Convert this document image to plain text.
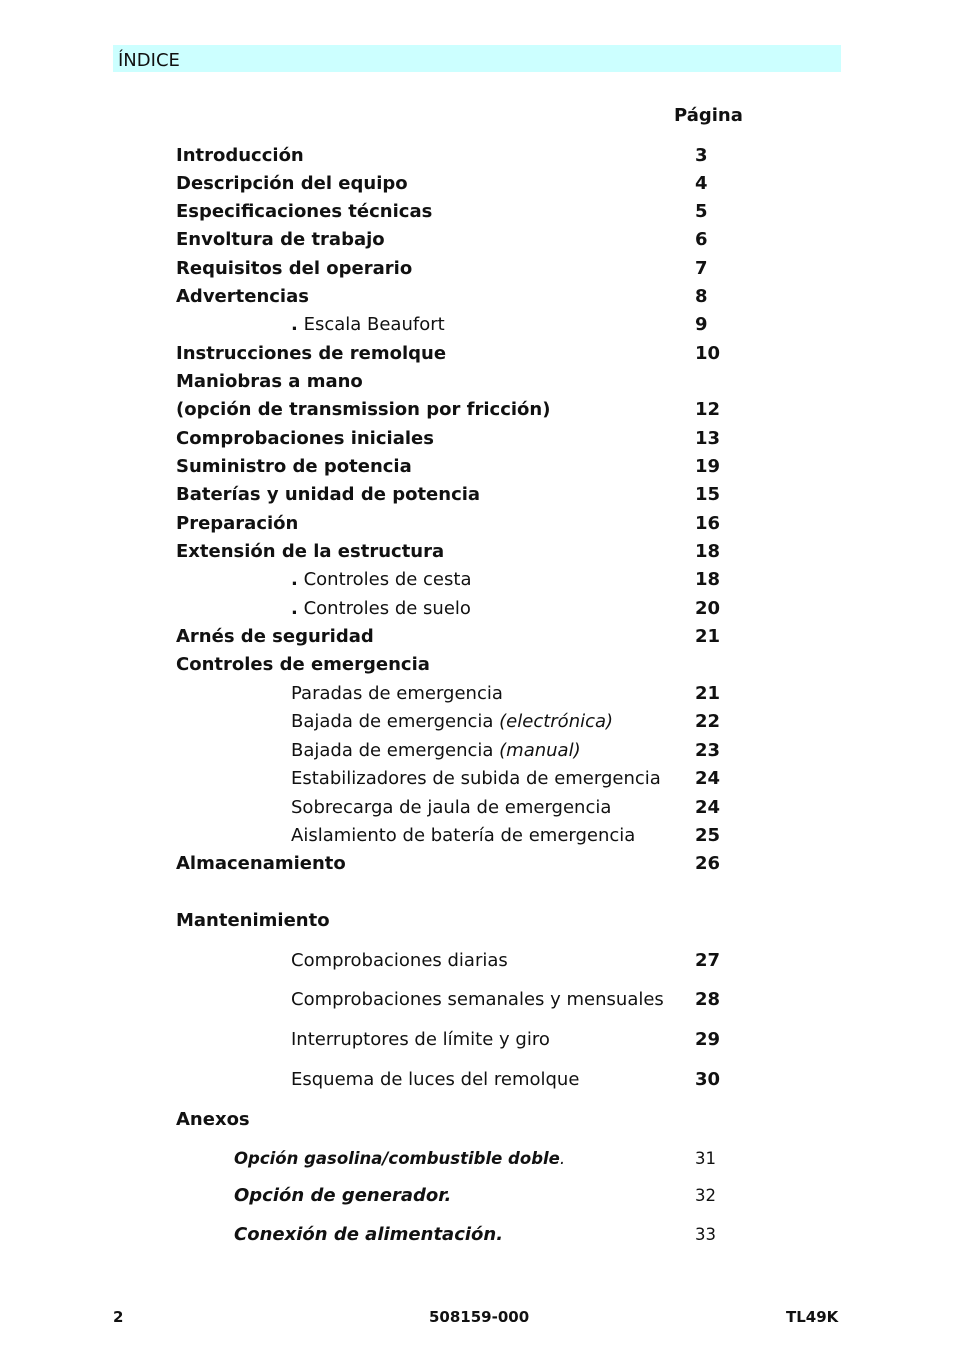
ÍNDICE
Página
Introducción	3
Descripción del equipo	4
Especificaciones técnicas	5
Envoltura de trabajo	6
Requisitos del operario	7
Advertencias	8
. Escala Beaufort	9
Instrucciones de remolque	10
Maniobras a mano
(opción de transmission por fricción)	12
Comprobaciones iniciales	13
Suministro de potencia	19
Baterías y unidad de potencia	15
Preparación	16
Extensión de la estructura	18
. Controles de cesta	18
. Controles de suelo	20
Arnés de seguridad	21
Controles de emergencia
Paradas de emergencia	21
Bajada de emergencia (electrónica)	22
Bajada de emergencia (manual)	23
Estabilizadores de subida de emergencia 24
Sobrecarga de jaula de emergencia	24
Aislamiento de batería de emergencia	25
Almacenamiento	26
Mantenimiento
Comprobaciones diarias	27
Comprobaciones semanales y mensuales 28
Interruptores de límite y giro	29
Esquema de luces del remolque	30
Anexos
Opción gasolina/combustible doble.	31
Opción de generador.	32
Conexión de alimentación.	33
2	508159-000	TL49K
